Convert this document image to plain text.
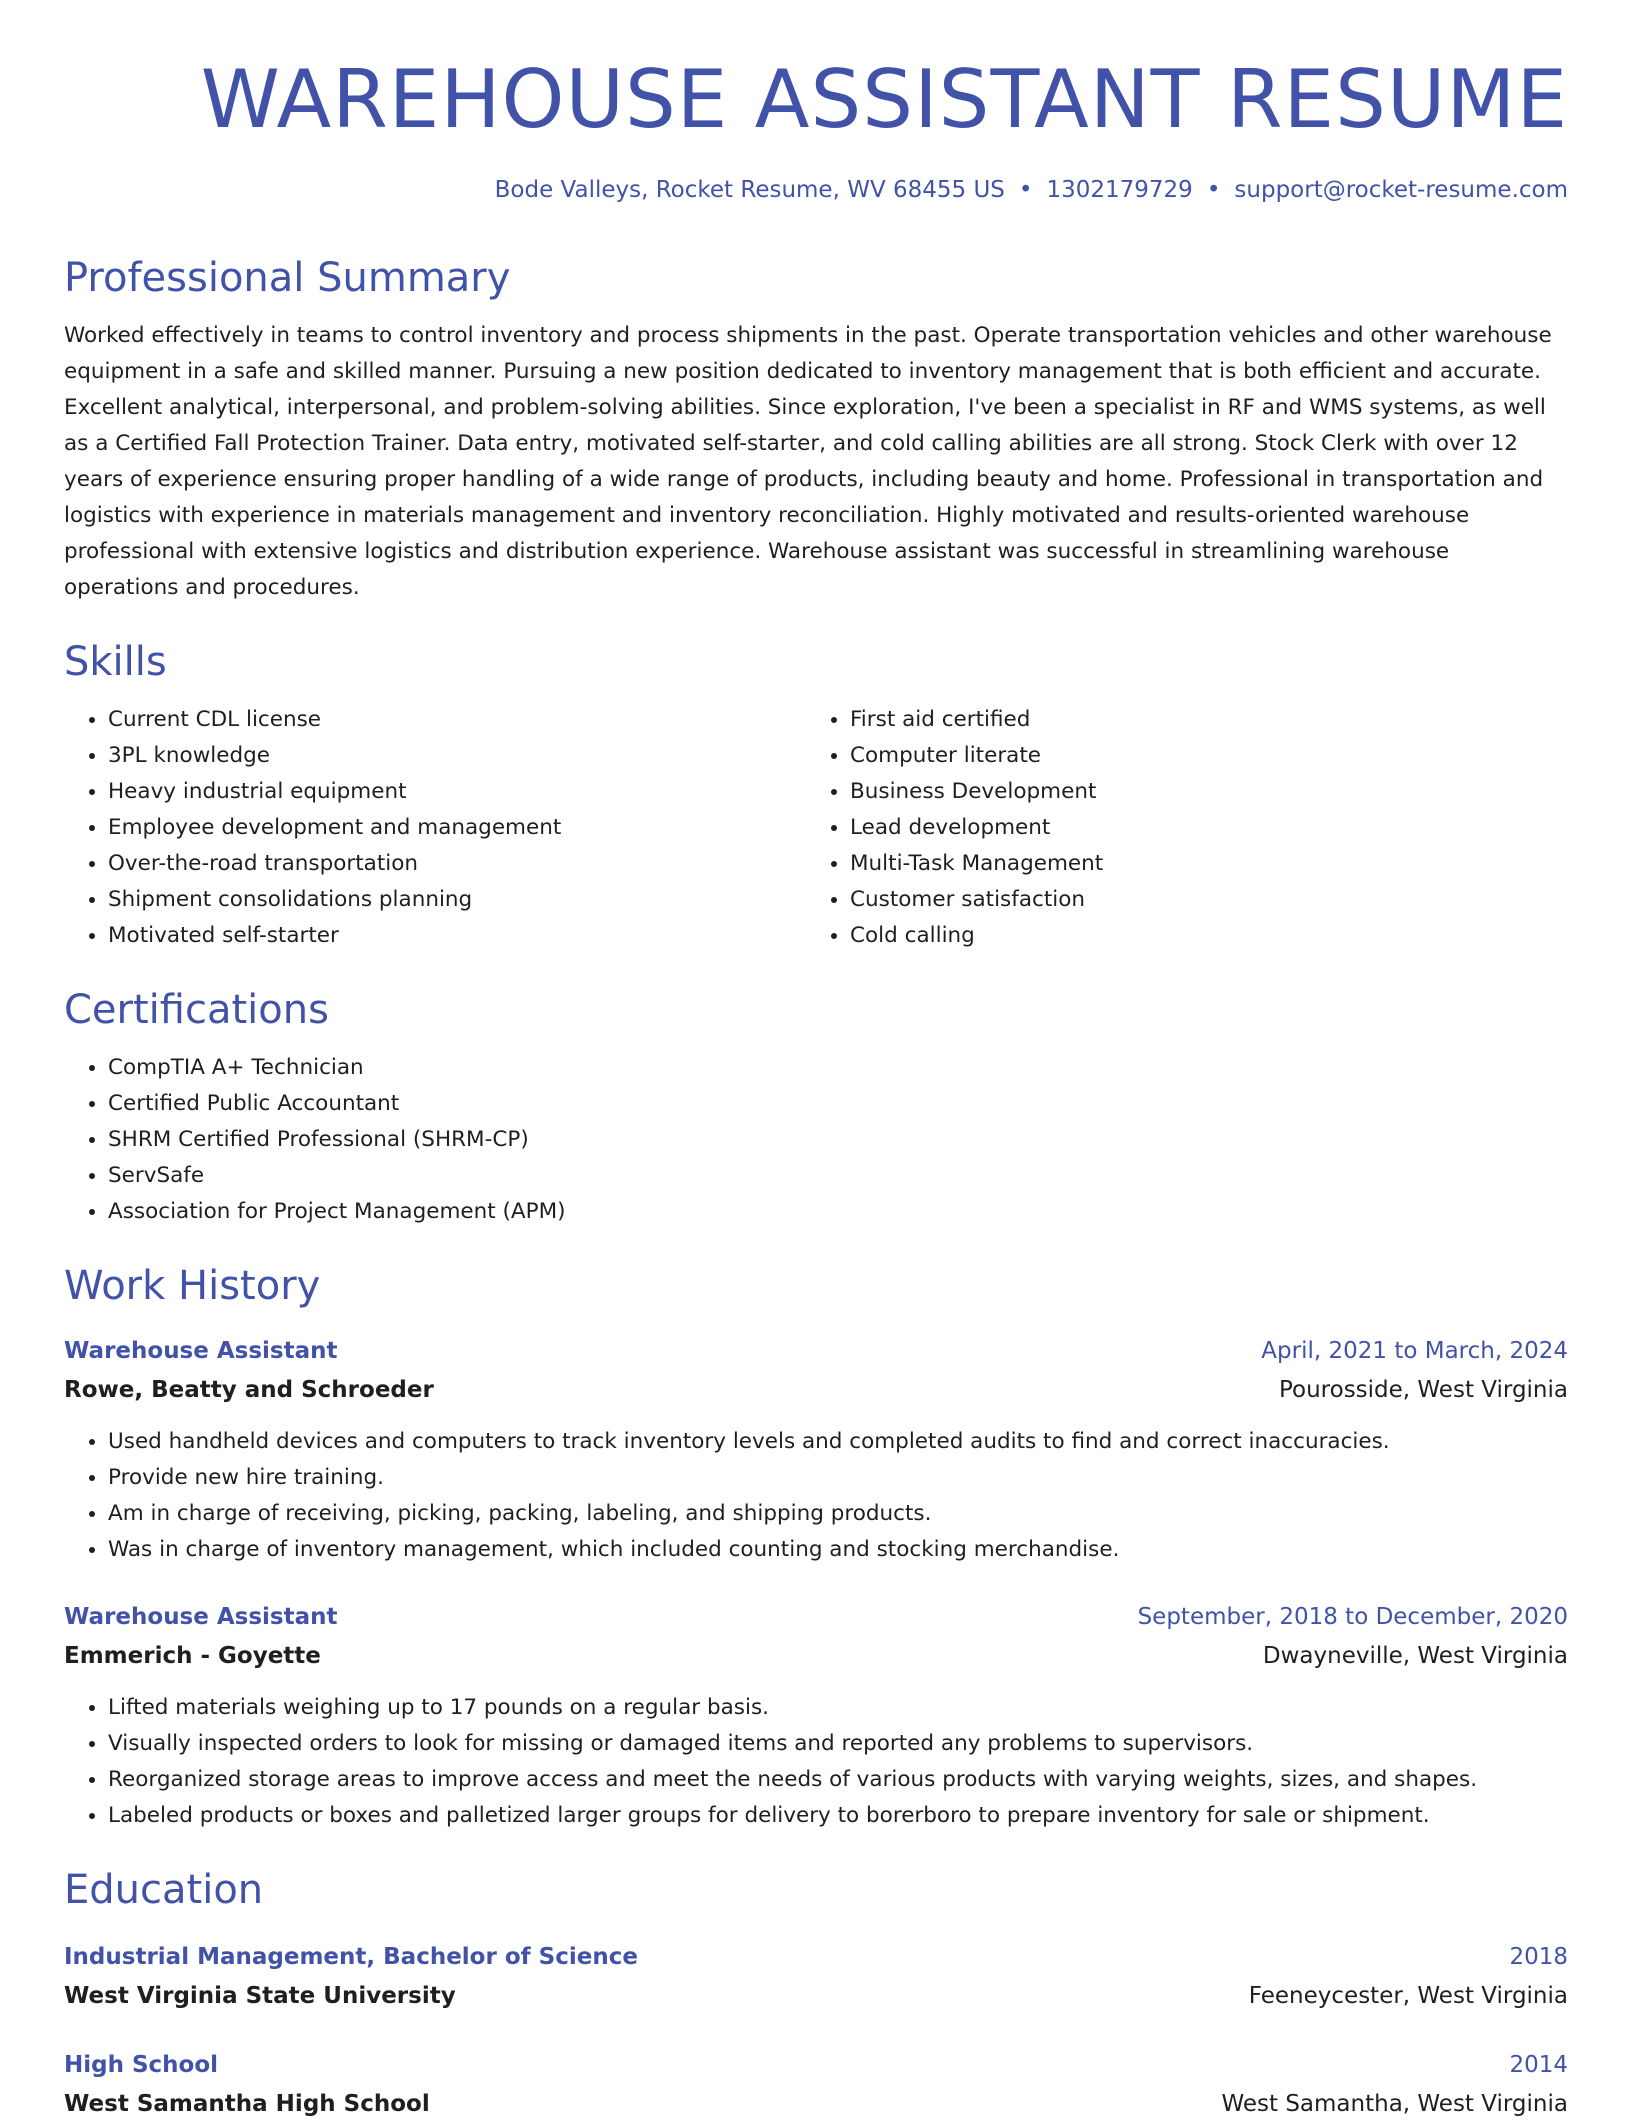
WAREHOUSE ASSISTANT RESUME
Bode Valleys, Rocket Resume, WV 68455 US • 1302179729 • support@rocket-resume.com
Professional Summary

Worked effectively in teams to control inventory and process shipments in the past. Operate transportation vehicles and other warehouse equipment in a safe and skilled manner. Pursuing a new position dedicated to inventory management that is both efficient and accurate. Excellent analytical, interpersonal, and problem-solving abilities. Since exploration, I've been a specialist in RF and WMS systems, as well as a Certified Fall Protection Trainer. Data entry, motivated self-starter, and cold calling abilities are all strong. Stock Clerk with over 12 years of experience ensuring proper handling of a wide range of products, including beauty and home. Professional in transportation and logistics with experience in materials management and inventory reconciliation. Highly motivated and results-oriented warehouse professional with extensive logistics and distribution experience. Warehouse assistant was successful in streamlining warehouse operations and procedures.

Skills
• Current CDL license
• 3PL knowledge
• Heavy industrial equipment
• Employee development and management
• Over-the-road transportation
• Shipment consolidations planning
• Motivated self-starter
• First aid certified
• Computer literate
• Business Development
• Lead development
• Multi-Task Management
• Customer satisfaction
• Cold calling
Certifications
• CompTIA A+ Technician
• Certified Public Accountant
• SHRM Certified Professional (SHRM-CP)
• ServSafe
• Association for Project Management (APM)
Work History
Warehouse Assistant	April, 2021 to March, 2024
Rowe, Beatty and Schroeder	Pourosside, West Virginia
• Used handheld devices and computers to track inventory levels and completed audits to find and correct inaccuracies.
• Provide new hire training.
• Am in charge of receiving, picking, packing, labeling, and shipping products.
• Was in charge of inventory management, which included counting and stocking merchandise.
Warehouse Assistant	September, 2018 to December, 2020
Emmerich - Goyette	Dwayneville, West Virginia
• Lifted materials weighing up to 17 pounds on a regular basis.
• Visually inspected orders to look for missing or damaged items and reported any problems to supervisors.
• Reorganized storage areas to improve access and meet the needs of various products with varying weights, sizes, and shapes.
• Labeled products or boxes and palletized larger groups for delivery to borerboro to prepare inventory for sale or shipment.
Education
Industrial Management, Bachelor of Science	2018
West Virginia State University	Feeneycester, West Virginia
High School	2014
West Samantha High School	West Samantha, West Virginia
